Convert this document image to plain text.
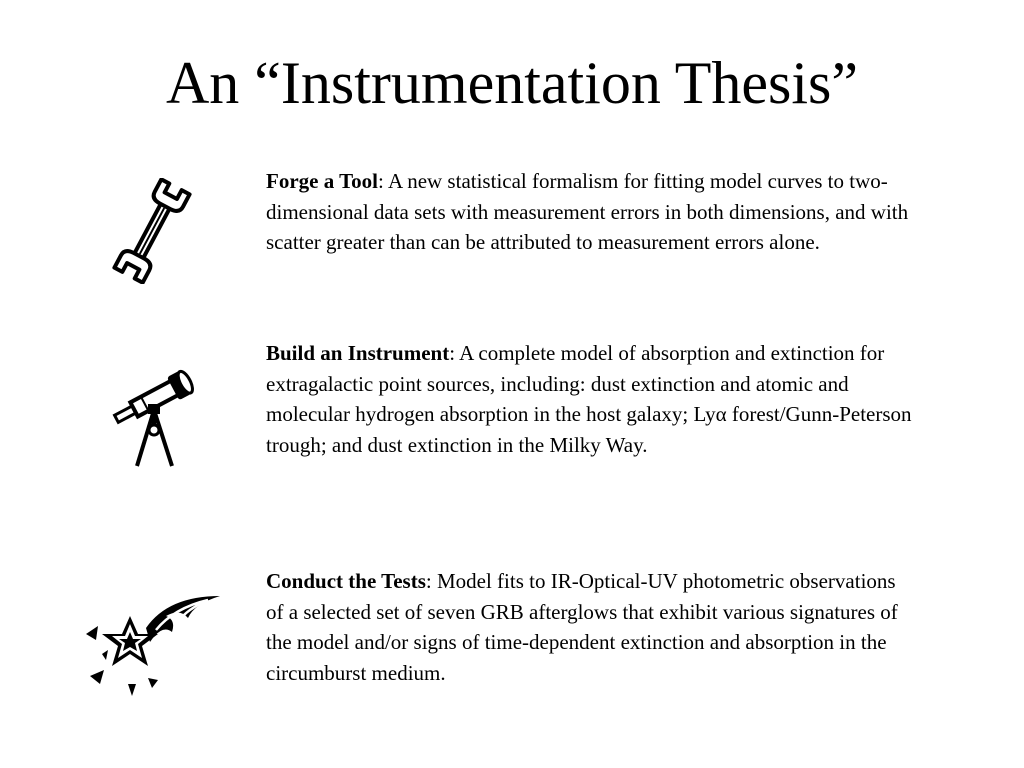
An “Instrumentation Thesis”

Forge a Tool: A new statistical formalism for fitting model curves to two-dimensional data sets with measurement errors in both dimensions, and with scatter greater than can be attributed to measurement errors alone.

Build an Instrument: A complete model of absorption and extinction for extragalactic point sources, including: dust extinction and atomic and molecular hydrogen absorption in the host galaxy; Lyα forest/Gunn-Peterson trough; and dust extinction in the Milky Way.

Conduct the Tests: Model fits to IR-Optical-UV photometric observations of a selected set of seven GRB afterglows that exhibit various signatures of the model and/or signs of time-dependent extinction and absorption in the circumburst medium.
